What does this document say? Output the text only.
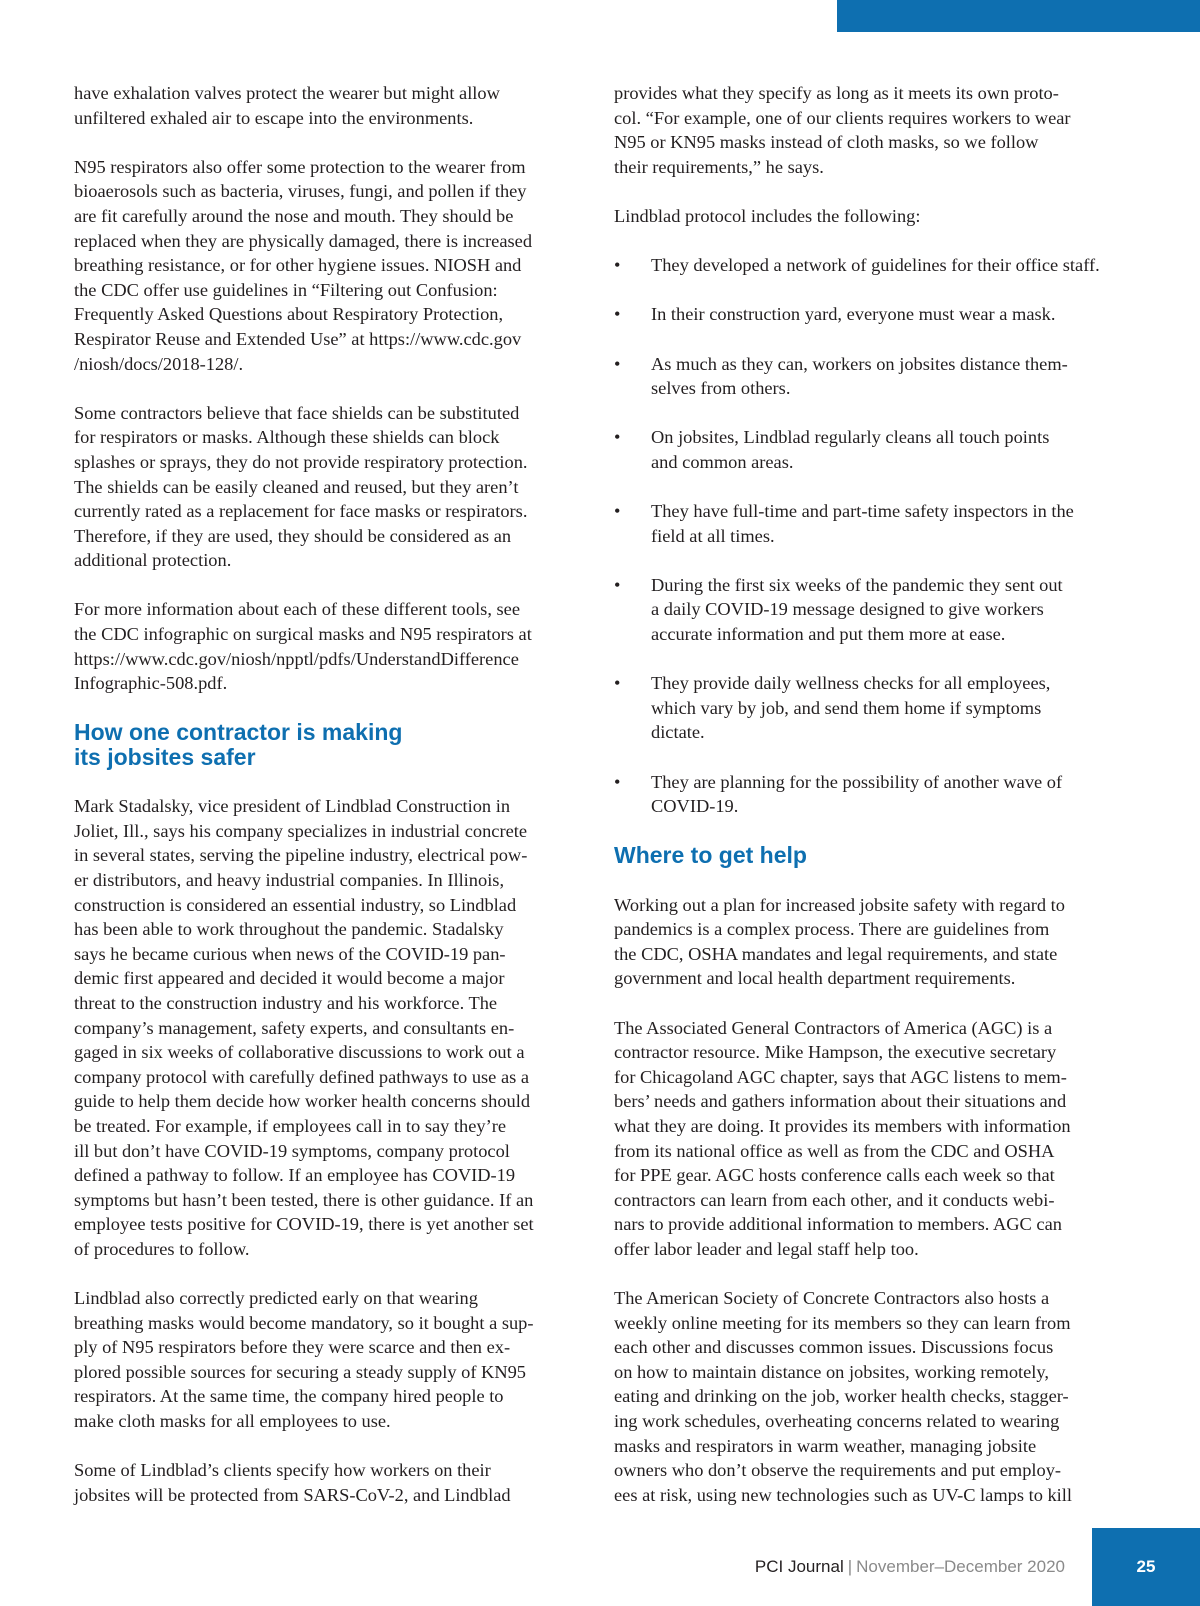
have exhalation valves protect the wearer but might allow
unfiltered exhaled air to escape into the environments.
N95 respirators also offer some protection to the wearer from
bioaerosols such as bacteria, viruses, fungi, and pollen if they
are fit carefully around the nose and mouth. They should be
replaced when they are physically damaged, there is increased
breathing resistance, or for other hygiene issues. NIOSH and
the CDC offer use guidelines in “Filtering out Confusion:
Frequently Asked Questions about Respiratory Protection,
Respirator Reuse and Extended Use” at https://www.cdc.gov
/niosh/docs/2018-128/.
Some contractors believe that face shields can be substituted
for respirators or masks. Although these shields can block
splashes or sprays, they do not provide respiratory protection.
The shields can be easily cleaned and reused, but they aren’t
currently rated as a replacement for face masks or respirators.
Therefore, if they are used, they should be considered as an
additional protection.
For more information about each of these different tools, see
the CDC infographic on surgical masks and N95 respirators at
https://www.cdc.gov/niosh/npptl/pdfs/UnderstandDifference
Infographic-508.pdf.
How one contractor is making
its jobsites safer
Mark Stadalsky, vice president of Lindblad Construction in
Joliet, Ill., says his company specializes in industrial concrete
in several states, serving the pipeline industry, electrical pow-
er distributors, and heavy industrial companies. In Illinois,
construction is considered an essential industry, so Lindblad
has been able to work throughout the pandemic. Stadalsky
says he became curious when news of the COVID-19 pan-
demic first appeared and decided it would become a major
threat to the construction industry and his workforce. The
company’s management, safety experts, and consultants en-
gaged in six weeks of collaborative discussions to work out a
company protocol with carefully defined pathways to use as a
guide to help them decide how worker health concerns should
be treated. For example, if employees call in to say they’re
ill but don’t have COVID-19 symptoms, company protocol
defined a pathway to follow. If an employee has COVID-19
symptoms but hasn’t been tested, there is other guidance. If an
employee tests positive for COVID-19, there is yet another set
of procedures to follow.
Lindblad also correctly predicted early on that wearing
breathing masks would become mandatory, so it bought a sup-
ply of N95 respirators before they were scarce and then ex-
plored possible sources for securing a steady supply of KN95
respirators. At the same time, the company hired people to
make cloth masks for all employees to use.
Some of Lindblad’s clients specify how workers on their
jobsites will be protected from SARS-CoV-2, and Lindblad
provides what they specify as long as it meets its own proto-
col. “For example, one of our clients requires workers to wear
N95 or KN95 masks instead of cloth masks, so we follow
their requirements,” he says.
Lindblad protocol includes the following:
• They developed a network of guidelines for their office staff.
• In their construction yard, everyone must wear a mask.
• As much as they can, workers on jobsites distance them-
selves from others.
• On jobsites, Lindblad regularly cleans all touch points
and common areas.
• They have full-time and part-time safety inspectors in the
field at all times.
• During the first six weeks of the pandemic they sent out
a daily COVID-19 message designed to give workers
accurate information and put them more at ease.
• They provide daily wellness checks for all employees,
which vary by job, and send them home if symptoms
dictate.
• They are planning for the possibility of another wave of
COVID-19.
Where to get help
Working out a plan for increased jobsite safety with regard to
pandemics is a complex process. There are guidelines from
the CDC, OSHA mandates and legal requirements, and state
government and local health department requirements.
The Associated General Contractors of America (AGC) is a
contractor resource. Mike Hampson, the executive secretary
for Chicagoland AGC chapter, says that AGC listens to mem-
bers’ needs and gathers information about their situations and
what they are doing. It provides its members with information
from its national office as well as from the CDC and OSHA
for PPE gear. AGC hosts conference calls each week so that
contractors can learn from each other, and it conducts webi-
nars to provide additional information to members. AGC can
offer labor leader and legal staff help too.
The American Society of Concrete Contractors also hosts a
weekly online meeting for its members so they can learn from
each other and discusses common issues. Discussions focus
on how to maintain distance on jobsites, working remotely,
eating and drinking on the job, worker health checks, stagger-
ing work schedules, overheating concerns related to wearing
masks and respirators in warm weather, managing jobsite
owners who don’t observe the requirements and put employ-
ees at risk, using new technologies such as UV-C lamps to kill
PCI Journal | November–December 2020	25
